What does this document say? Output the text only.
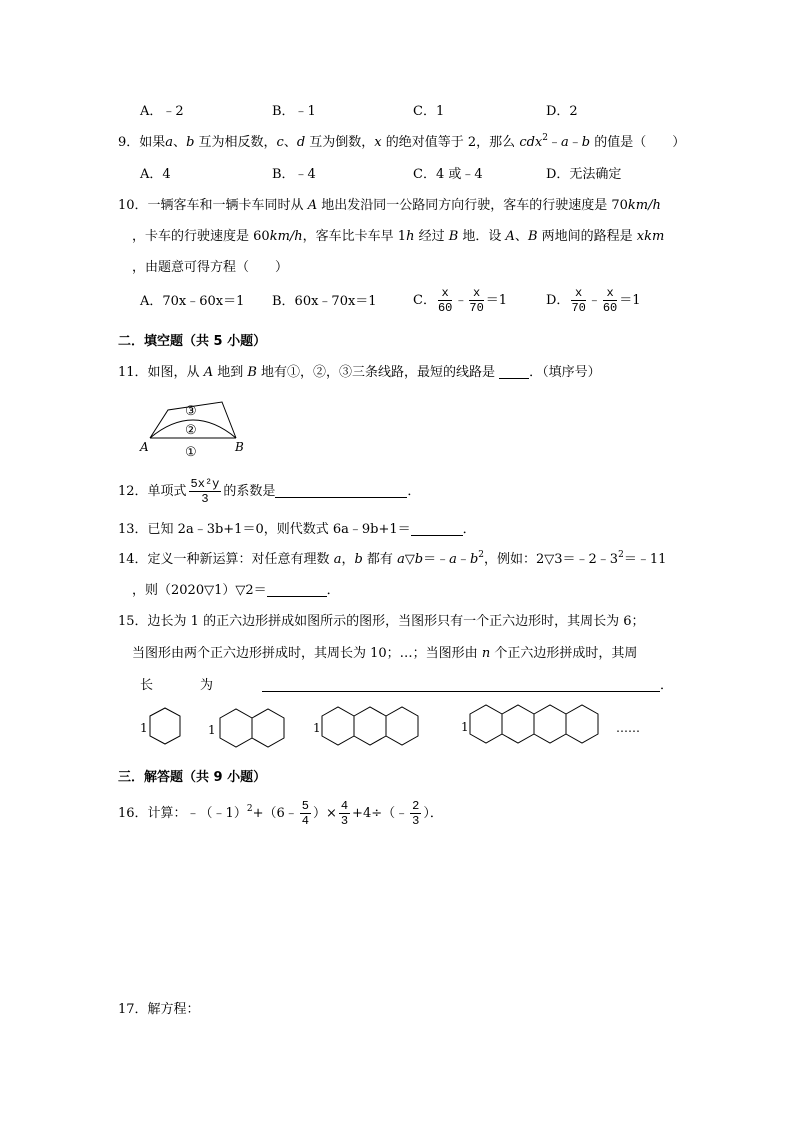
A．﹣2	B．﹣1	C．1	D．2
9．如果a、b 互为相反数，c、d 互为倒数，x 的绝对值等于 2，那么 cdx$^2$﹣a﹣b 的值是（　　）
A．4	B．﹣4	C．4 或﹣4	D．无法确定
10．一辆客车和一辆卡车同时从 A 地出发沿同一公路同方向行驶，客车的行驶速度是 70km/h
，卡车的行驶速度是 60km/h，客车比卡车早 1h 经过 B 地．设 A、B 两地间的路程是 xkm
，由题意可得方程（　　）
A．70x﹣60x＝1 B．60x﹣70x＝1	C． $\frac{x}{60}$ ﹣ $\frac{x}{70} =1$	D． $\frac{x}{70}$ ﹣ $\frac{x}{60} =1$
二．填空题（共 5 小题）
11．如图，从 A 地到 B 地有①，②，③三条线路，最短的线路是 ．（填序号）
A	B
③
②
①
12．单项式 $\frac{\text{5x²y}}{3}$ 的系数是	．
13．已知 2a﹣3b+1＝0，则代数式 6a﹣9b+1＝	．
14．定义一种新运算：对任意有理数 a，b 都有 $a▽b=﹣a﹣b^2$，例如：$2▽3=﹣2﹣3^2=﹣11$
，则（2020▽1）▽2＝	．
15．边长为 1 的正六边形拼成如图所示的图形，当图形只有一个正六边形时，其周长为 6；
当图形由两个正六边形拼成时，其周长为 10；…；当图形由 n 个正六边形拼成时，其周
长	为	．
1	1	1	1	……
三．解答题（共 9 小题）
16．计算：﹣（﹣1）$^2$+（6﹣ $\frac{5}{4}$ ）× $\frac{4}{3}$ +4÷（﹣ $\frac{2}{3}$ ）．
17．解方程：
